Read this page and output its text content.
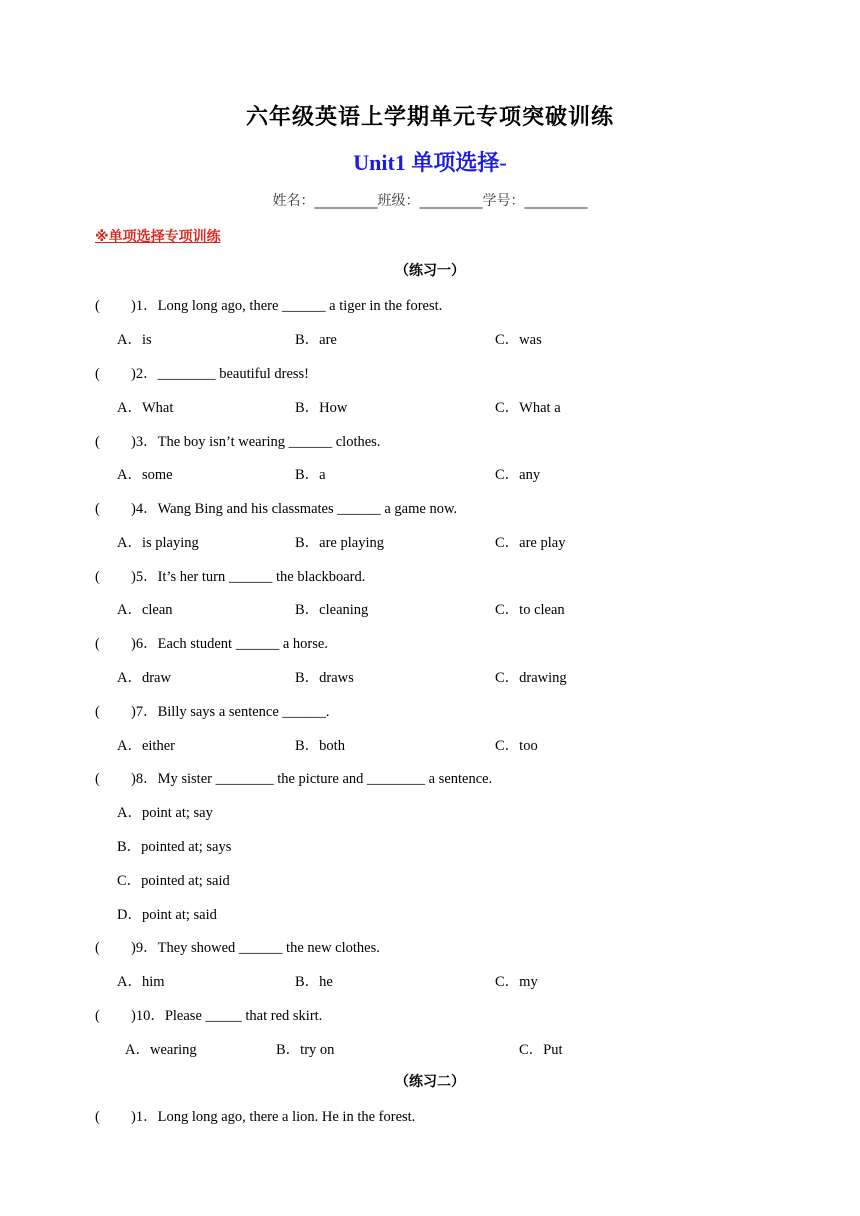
六年级英语上学期单元专项突破训练
Unit1 单项选择-
姓名：_________班级：_________学号：_________
※单项选择专项训练
（练习一）
( )1．Long long ago, there ______ a tiger in the forest.
A．is	B．are	C．was
( )2．________ beautiful dress!
A．What	B．How	C．What a
( )3．The boy isn’t wearing ______ clothes.
A．some	B．a	C．any
( )4．Wang Bing and his classmates ______ a game now.
A．is playing	B．are playing	C．are play
( )5．It’s her turn ______ the blackboard.
A．clean	B．cleaning	C．to clean
( )6．Each student ______ a horse.
A．draw	B．draws	C．drawing
( )7．Billy says a sentence ______.
A．either	B．both	C．too
( )8．My sister ________ the picture and ________ a sentence.
A．point at; say
B．pointed at; says
C．pointed at; said
D．point at; said
( )9．They showed ______ the new clothes.
A．him	B．he	C．my
( )10．Please _____ that red skirt.
A．wearing	B．try on	C．Put
（练习二）
( )1．Long long ago, there a lion. He in the forest.
